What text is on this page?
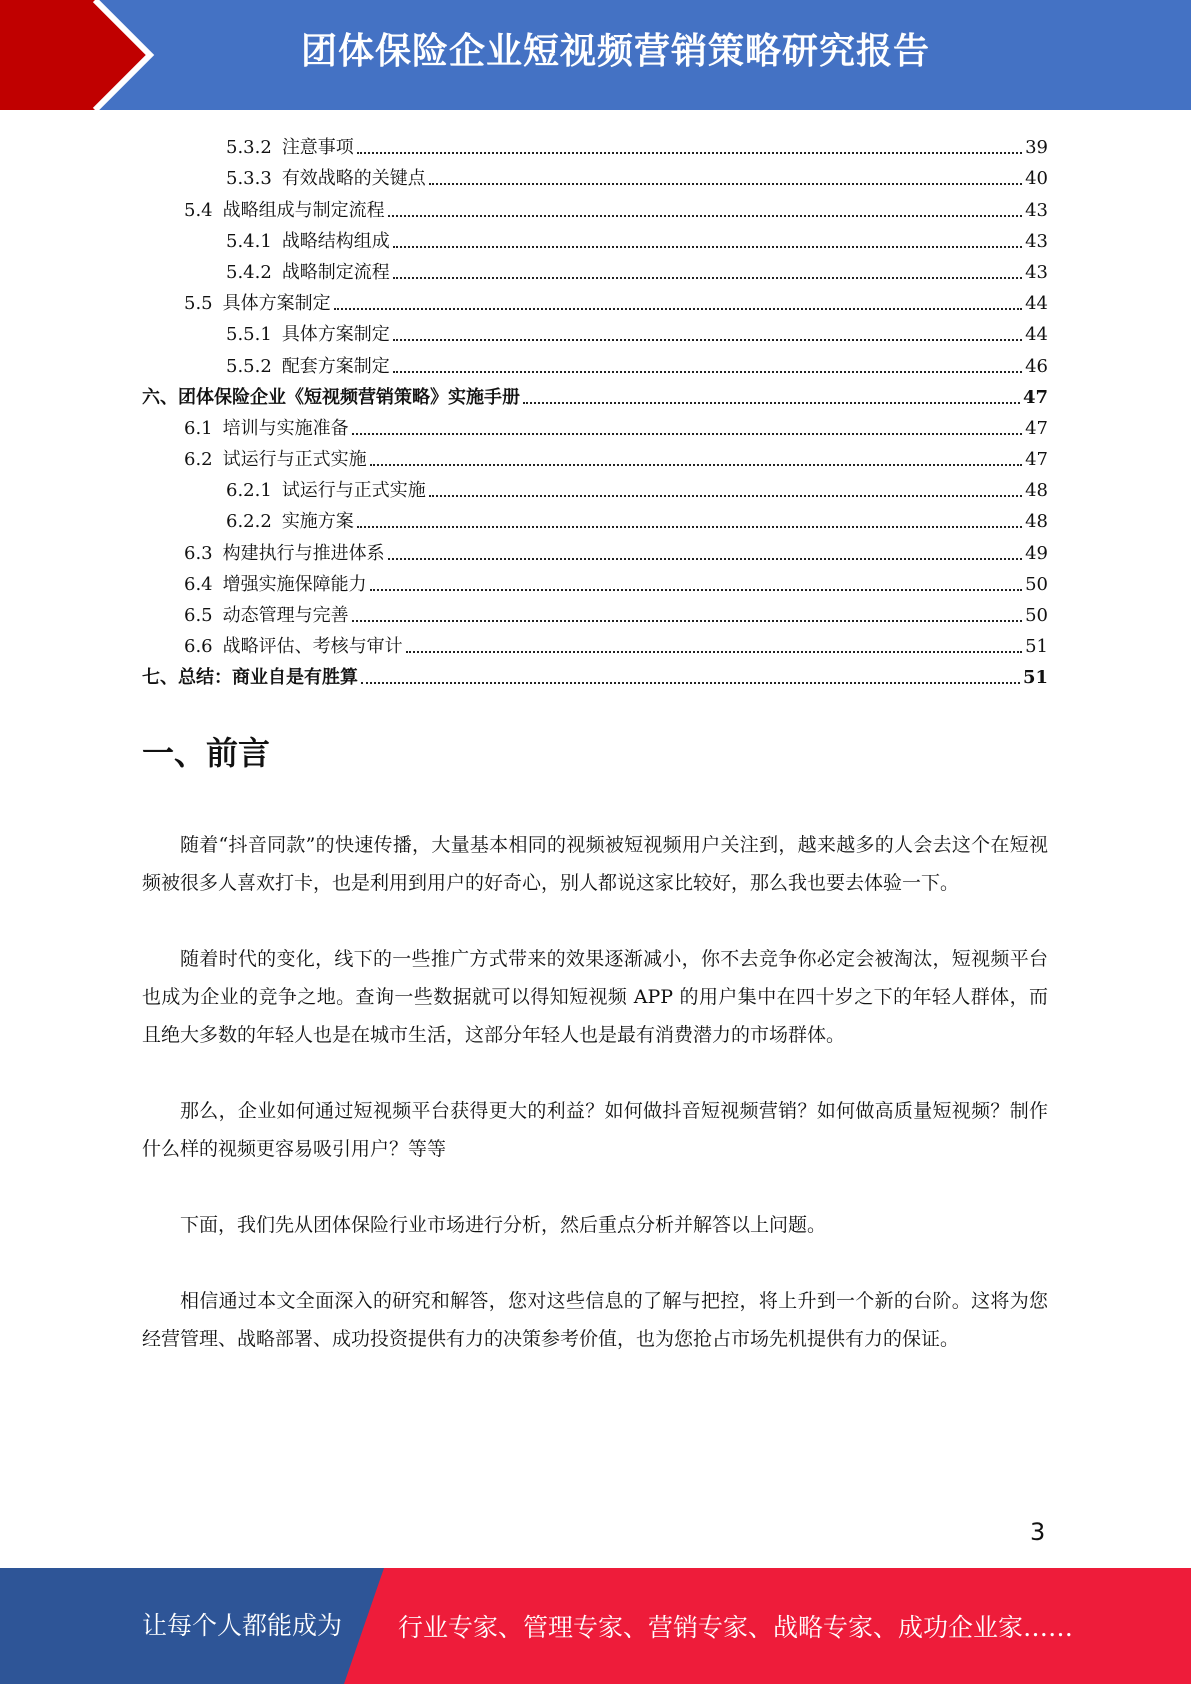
团体保险企业短视频营销策略研究报告
5.3.2 注意事项	39
5.3.3 有效战略的关键点	40
5.4 战略组成与制定流程	43
5.4.1 战略结构组成	43
5.4.2 战略制定流程	43
5.5 具体方案制定	44
5.5.1 具体方案制定	44
5.5.2 配套方案制定	46
六、团体保险企业《短视频营销策略》实施手册	47
6.1 培训与实施准备	47
6.2 试运行与正式实施	47
6.2.1 试运行与正式实施	48
6.2.2 实施方案	48
6.3 构建执行与推进体系	49
6.4 增强实施保障能力	50
6.5 动态管理与完善	50
6.6 战略评估、考核与审计	51
七、总结：商业自是有胜算	51
一、前言

随着“抖音同款”的快速传播，大量基本相同的视频被短视频用户关注到，越来越多的人会去这个在短视频被很多人喜欢打卡，也是利用到用户的好奇心，别人都说这家比较好，那么我也要去体验一下。

随着时代的变化，线下的一些推广方式带来的效果逐渐减小，你不去竞争你必定会被淘汰，短视频平台也成为企业的竞争之地。查询一些数据就可以得知短视频 APP 的用户集中在四十岁之下的年轻人群体，而且绝大多数的年轻人也是在城市生活，这部分年轻人也是最有消费潜力的市场群体。

那么，企业如何通过短视频平台获得更大的利益？如何做抖音短视频营销？如何做高质量短视频？制作什么样的视频更容易吸引用户？等等

下面，我们先从团体保险行业市场进行分析，然后重点分析并解答以上问题。

相信通过本文全面深入的研究和解答，您对这些信息的了解与把控，将上升到一个新的台阶。这将为您经营管理、战略部署、成功投资提供有力的决策参考价值，也为您抢占市场先机提供有力的保证。

3
让每个人都能成为 行业专家、管理专家、营销专家、战略专家、成功企业家……
